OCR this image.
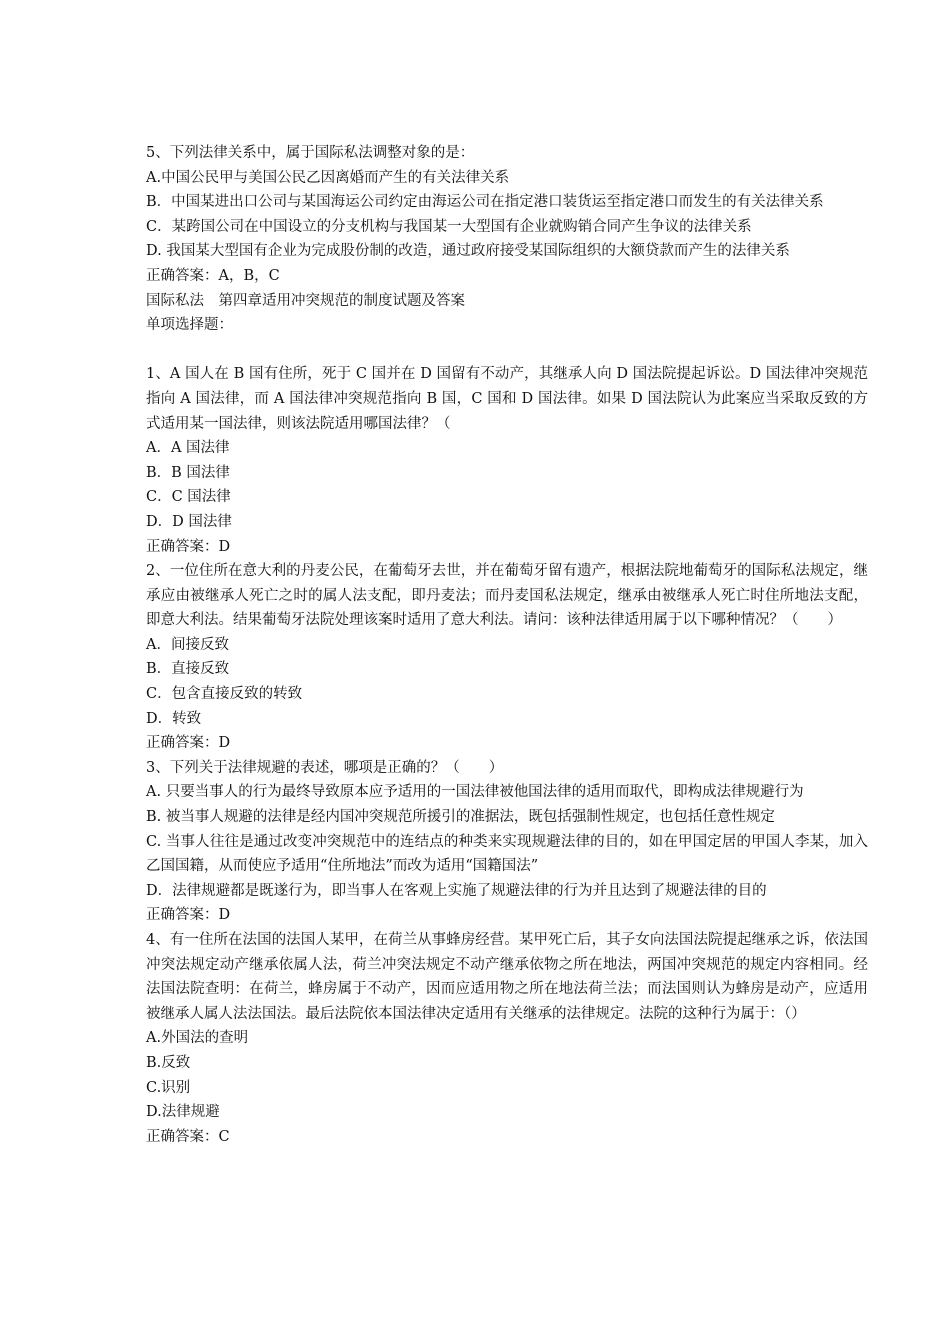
5、下列法律关系中，属于国际私法调整对象的是：

A.中国公民甲与美国公民乙因离婚而产生的有关法律关系

B．中国某进出口公司与某国海运公司约定由海运公司在指定港口装货运至指定港口而发生的有关法律关系

C．某跨国公司在中国设立的分支机构与我国某一大型国有企业就购销合同产生争议的法律关系

D. 我国某大型国有企业为完成股份制的改造，通过政府接受某国际组织的大额贷款而产生的法律关系

正确答案：A，B，C

国际私法　第四章适用冲突规范的制度试题及答案

单项选择题：

1、A 国人在 B 国有住所，死于 C 国并在 D 国留有不动产，其继承人向 D 国法院提起诉讼。D 国法律冲突规范指向 A 国法律，而 A 国法律冲突规范指向 B 国，C 国和 D 国法律。如果 D 国法院认为此案应当采取反致的方式适用某一国法律，则该法院适用哪国法律？（

A．A 国法律

B．B 国法律

C．C 国法律

D．D 国法律

正确答案：D

2、一位住所在意大利的丹麦公民，在葡萄牙去世，并在葡萄牙留有遗产，根据法院地葡萄牙的国际私法规定，继承应由被继承人死亡之时的属人法支配，即丹麦法；而丹麦国私法规定，继承由被继承人死亡时住所地法支配，即意大利法。结果葡萄牙法院处理该案时适用了意大利法。请问：该种法律适用属于以下哪种情况？（　　）

A．间接反致

B．直接反致

C．包含直接反致的转致

D．转致

正确答案：D

3、下列关于法律规避的表述，哪项是正确的？（　　）

A. 只要当事人的行为最终导致原本应予适用的一国法律被他国法律的适用而取代，即构成法律规避行为

B. 被当事人规避的法律是经内国冲突规范所援引的准据法，既包括强制性规定，也包括任意性规定

C. 当事人往往是通过改变冲突规范中的连结点的种类来实现规避法律的目的，如在甲国定居的甲国人李某，加入乙国国籍，从而使应予适用“住所地法”而改为适用“国籍国法”

D．法律规避都是既遂行为，即当事人在客观上实施了规避法律的行为并且达到了规避法律的目的

正确答案：D

4、有一住所在法国的法国人某甲，在荷兰从事蜂房经营。某甲死亡后，其子女向法国法院提起继承之诉，依法国冲突法规定动产继承依属人法，荷兰冲突法规定不动产继承依物之所在地法，两国冲突规范的规定内容相同。经法国法院查明：在荷兰，蜂房属于不动产，因而应适用物之所在地法荷兰法；而法国则认为蜂房是动产，应适用被继承人属人法法国法。最后法院依本国法律决定适用有关继承的法律规定。法院的这种行为属于：（）

A.外国法的查明

B.反致

C.识别

D.法律规避

正确答案：C
